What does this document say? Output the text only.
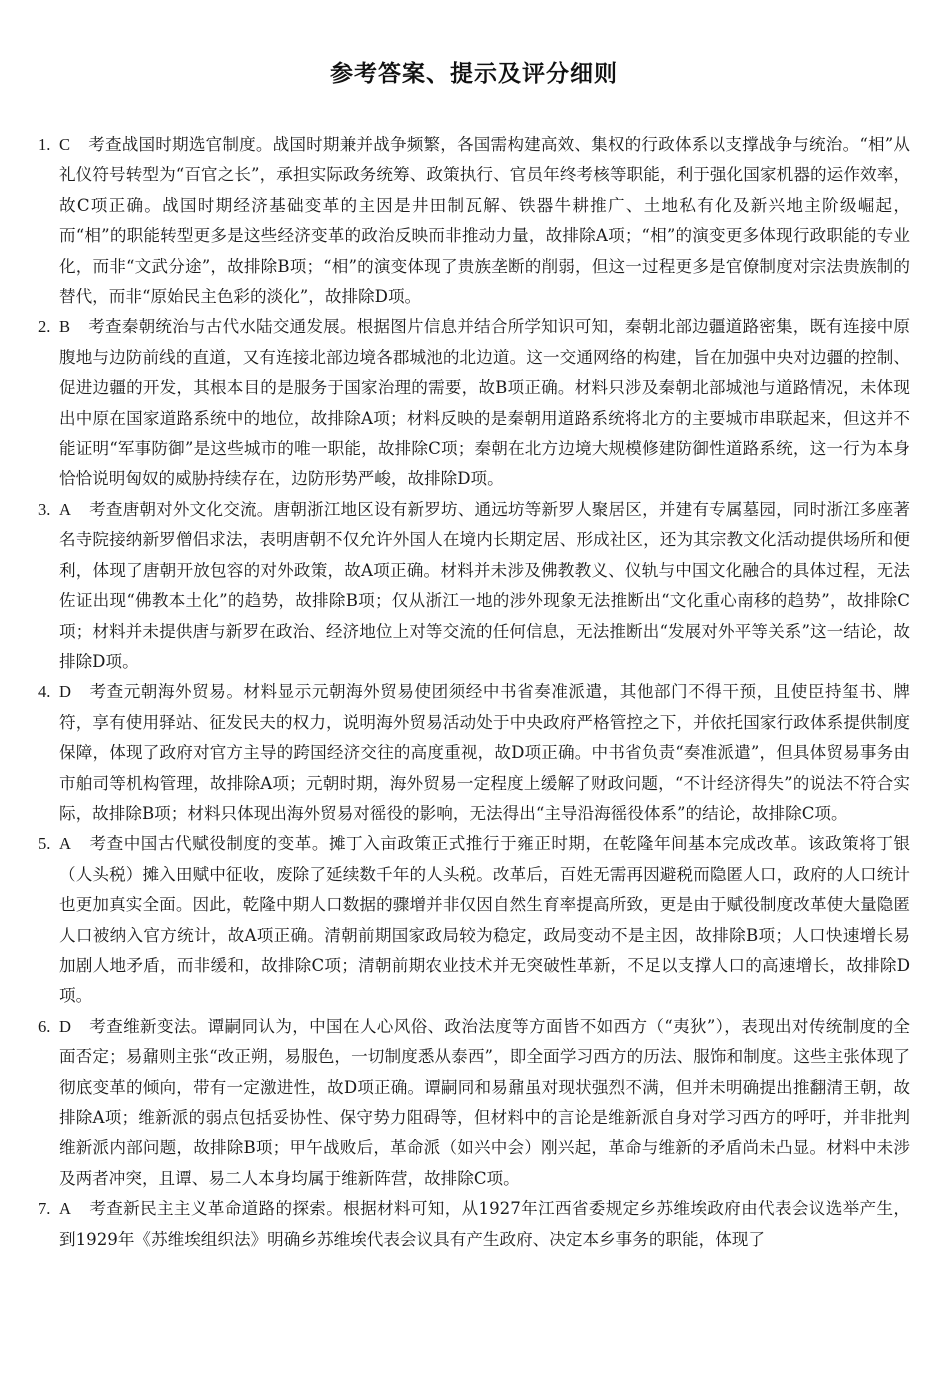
参考答案、提示及评分细则
1. C 考查战国时期选官制度。战国时期兼并战争频繁，各国需构建高效、集权的行政体系以支撑战争与统治。“相”从礼仪符号转型为“百官之长”，承担实际政务统筹、政策执行、官员年终考核等职能，利于强化国家机器的运作效率，故C项正确。战国时期经济基础变革的主因是井田制瓦解、铁器牛耕推广、土地私有化及新兴地主阶级崛起，而“相”的职能转型更多是这些经济变革的政治反映而非推动力量，故排除A项；“相”的演变更多体现行政职能的专业化，而非“文武分途”，故排除B项；“相”的演变体现了贵族垄断的削弱，但这一过程更多是官僚制度对宗法贵族制的替代，而非“原始民主色彩的淡化”，故排除D项。
2. B 考查秦朝统治与古代水陆交通发展。根据图片信息并结合所学知识可知，秦朝北部边疆道路密集，既有连接中原腹地与边防前线的直道，又有连接北部边境各郡城池的北边道。这一交通网络的构建，旨在加强中央对边疆的控制、促进边疆的开发，其根本目的是服务于国家治理的需要，故B项正确。材料只涉及秦朝北部城池与道路情况，未体现出中原在国家道路系统中的地位，故排除A项；材料反映的是秦朝用道路系统将北方的主要城市串联起来，但这并不能证明“军事防御”是这些城市的唯一职能，故排除C项；秦朝在北方边境大规模修建防御性道路系统，这一行为本身恰恰说明匈奴的威胁持续存在，边防形势严峻，故排除D项。
3. A 考查唐朝对外文化交流。唐朝浙江地区设有新罗坊、通远坊等新罗人聚居区，并建有专属墓园，同时浙江多座著名寺院接纳新罗僧侣求法，表明唐朝不仅允许外国人在境内长期定居、形成社区，还为其宗教文化活动提供场所和便利，体现了唐朝开放包容的对外政策，故A项正确。材料并未涉及佛教教义、仪轨与中国文化融合的具体过程，无法佐证出现“佛教本土化”的趋势，故排除B项；仅从浙江一地的涉外现象无法推断出“文化重心南移的趋势”，故排除C项；材料并未提供唐与新罗在政治、经济地位上对等交流的任何信息，无法推断出“发展对外平等关系”这一结论，故排除D项。
4. D 考查元朝海外贸易。材料显示元朝海外贸易使团须经中书省奏准派遣，其他部门不得干预，且使臣持玺书、牌符，享有使用驿站、征发民夫的权力，说明海外贸易活动处于中央政府严格管控之下，并依托国家行政体系提供制度保障，体现了政府对官方主导的跨国经济交往的高度重视，故D项正确。中书省负责“奏准派遣”，但具体贸易事务由市舶司等机构管理，故排除A项；元朝时期，海外贸易一定程度上缓解了财政问题，“不计经济得失”的说法不符合实际，故排除B项；材料只体现出海外贸易对徭役的影响，无法得出“主导沿海徭役体系”的结论，故排除C项。
5. A 考查中国古代赋役制度的变革。摊丁入亩政策正式推行于雍正时期，在乾隆年间基本完成改革。该政策将丁银（人头税）摊入田赋中征收，废除了延续数千年的人头税。改革后，百姓无需再因避税而隐匿人口，政府的人口统计也更加真实全面。因此，乾隆中期人口数据的骤增并非仅因自然生育率提高所致，更是由于赋役制度改革使大量隐匿人口被纳入官方统计，故A项正确。清朝前期国家政局较为稳定，政局变动不是主因，故排除B项；人口快速增长易加剧人地矛盾，而非缓和，故排除C项；清朝前期农业技术并无突破性革新，不足以支撑人口的高速增长，故排除D项。
6. D 考查维新变法。谭嗣同认为，中国在人心风俗、政治法度等方面皆不如西方（“夷狄”），表现出对传统制度的全面否定；易鼐则主张“改正朔，易服色，一切制度悉从泰西”，即全面学习西方的历法、服饰和制度。这些主张体现了彻底变革的倾向，带有一定激进性，故D项正确。谭嗣同和易鼐虽对现状强烈不满，但并未明确提出推翻清王朝，故排除A项；维新派的弱点包括妥协性、保守势力阻碍等，但材料中的言论是维新派自身对学习西方的呼吁，并非批判维新派内部问题，故排除B项；甲午战败后，革命派（如兴中会）刚兴起，革命与维新的矛盾尚未凸显。材料中未涉及两者冲突，且谭、易二人本身均属于维新阵营，故排除C项。
7. A 考查新民主主义革命道路的探索。根据材料可知，从1927年江西省委规定乡苏维埃政府由代表会议选举产生，到1929年《苏维埃组织法》明确乡苏维埃代表会议具有产生政府、决定本乡事务的职能，体现了
